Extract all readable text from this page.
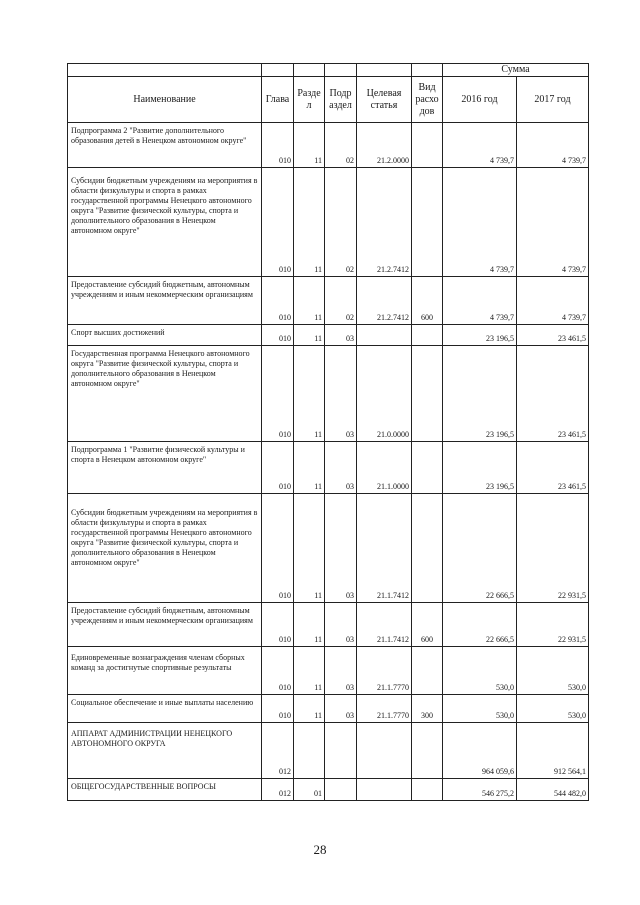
						Сумма	
Наименование	Глава	Разде л	Подр аздел	Целевая статья	Вид расхо дов	2016 год	2017 год
Подпрограмма 2 "Развитие дополнительного образования детей в Ненецком автономном округе"	010	11	02	21.2.0000		4 739,7	4 739,7
Субсидии бюджетным учреждениям на мероприятия в области физкультуры и спорта в рамках государственной программы Ненецкого автономного округа "Развитие физической культуры, спорта и дополнительного образования в Ненецком автономном округе"	010	11	02	21.2.7412		4 739,7	4 739,7
Предоставление субсидий бюджетным, автономным учреждениям и иным некоммерческим организациям	010	11	02	21.2.7412	600	4 739,7	4 739,7
Спорт высших достижений	010	11	03			23 196,5	23 461,5
Государственная программа Ненецкого автономного округа "Развитие физической культуры, спорта и дополнительного образования в Ненецком автономном округе"	010	11	03	21.0.0000		23 196,5	23 461,5
Подпрограмма 1 "Развитие физической культуры и спорта в Ненецком автономном округе"	010	11	03	21.1.0000		23 196,5	23 461,5
Субсидии бюджетным учреждениям на мероприятия в области физкультуры и спорта в рамках государственной программы Ненецкого автономного округа "Развитие физической культуры, спорта и дополнительного образования в Ненецком автономном округе"	010	11	03	21.1.7412		22 666,5	22 931,5
Предоставление субсидий бюджетным, автономным учреждениям и иным некоммерческим организациям	010	11	03	21.1.7412	600	22 666,5	22 931,5
Единовременные вознаграждения членам сборных команд за достигнутые спортивные результаты	010	11	03	21.1.7770		530,0	530,0
Социальное обеспечение и иные выплаты населению	010	11	03	21.1.7770	300	530,0	530,0
АППАРАТ АДМИНИСТРАЦИИ НЕНЕЦКОГО АВТОНОМНОГО ОКРУГА	012					964 059,6	912 564,1
ОБЩЕГОСУДАРСТВЕННЫЕ ВОПРОСЫ	012	01				546 275,2	544 482,0
28
